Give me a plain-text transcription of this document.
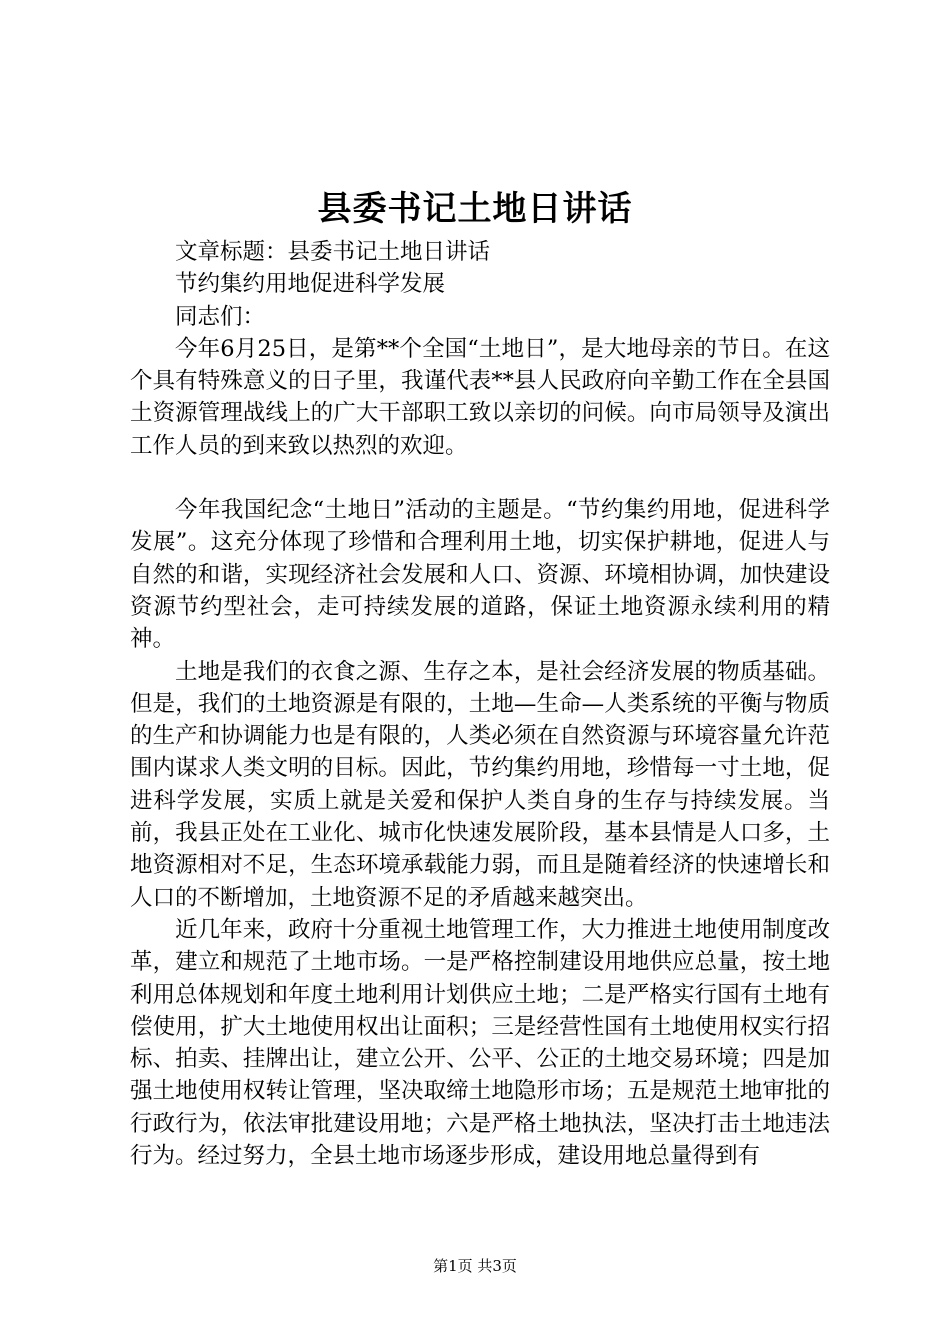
县委书记土地日讲话

文章标题：县委书记土地日讲话

节约集约用地促进科学发展

同志们：

今年6月25日，是第**个全国“土地日”，是大地母亲的节日。在这个具有特殊意义的日子里，我谨代表**县人民政府向辛勤工作在全县国土资源管理战线上的广大干部职工致以亲切的问候。向市局领导及演出工作人员的到来致以热烈的欢迎。

今年我国纪念“土地日”活动的主题是。“节约集约用地，促进科学发展”。这充分体现了珍惜和合理利用土地，切实保护耕地，促进人与自然的和谐，实现经济社会发展和人口、资源、环境相协调，加快建设资源节约型社会，走可持续发展的道路，保证土地资源永续利用的精神。

土地是我们的衣食之源、生存之本，是社会经济发展的物质基础。但是，我们的土地资源是有限的，土地—生命—人类系统的平衡与物质的生产和协调能力也是有限的，人类必须在自然资源与环境容量允许范围内谋求人类文明的目标。因此，节约集约用地，珍惜每一寸土地，促进科学发展，实质上就是关爱和保护人类自身的生存与持续发展。当前，我县正处在工业化、城市化快速发展阶段，基本县情是人口多，土地资源相对不足，生态环境承载能力弱，而且是随着经济的快速增长和人口的不断增加，土地资源不足的矛盾越来越突出。

近几年来，政府十分重视土地管理工作，大力推进土地使用制度改革，建立和规范了土地市场。一是严格控制建设用地供应总量，按土地利用总体规划和年度土地利用计划供应土地；二是严格实行国有土地有偿使用，扩大土地使用权出让面积；三是经营性国有土地使用权实行招标、拍卖、挂牌出让，建立公开、公平、公正的土地交易环境；四是加强土地使用权转让管理，坚决取缔土地隐形市场；五是规范土地审批的行政行为，依法审批建设用地；六是严格土地执法，坚决打击土地违法行为。经过努力，全县土地市场逐步形成，建设用地总量得到有

第1页 共3页
